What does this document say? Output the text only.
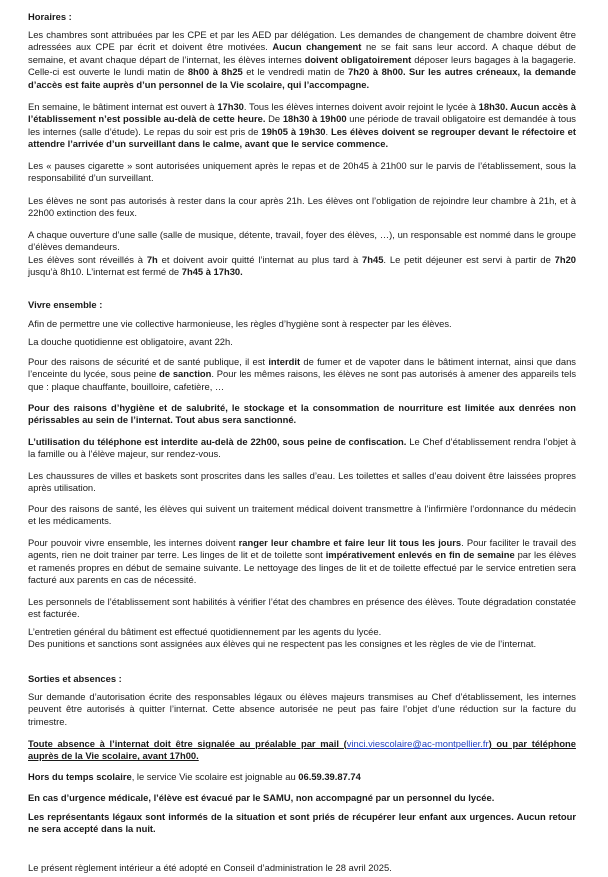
Horaires :

Les chambres sont attribuées par les CPE et par les AED par délégation. Les demandes de changement de chambre doivent être adressées aux CPE par écrit et doivent être motivées. Aucun changement ne se fait sans leur accord. A chaque début de semaine, et avant chaque départ de l’internat, les élèves internes doivent obligatoirement déposer leurs bagages à la bagagerie. Celle-ci est ouverte le lundi matin de 8h00 à 8h25 et le vendredi matin de 7h20 à 8h00. Sur les autres créneaux, la demande d’accès est faite auprès d’un personnel de la Vie scolaire, qui l’accompagne.

En semaine, le bâtiment internat est ouvert à 17h30. Tous les élèves internes doivent avoir rejoint le lycée à 18h30. Aucun accès à l’établissement n’est possible au-delà de cette heure. De 18h30 à 19h00 une période de travail obligatoire est demandée à tous les internes (salle d’étude). Le repas du soir est pris de 19h05 à 19h30. Les élèves doivent se regrouper devant le réfectoire et attendre l’arrivée d’un surveillant dans le calme, avant que le service commence.

Les « pauses cigarette » sont autorisées uniquement après le repas et de 20h45 à 21h00 sur le parvis de l’établissement, sous la responsabilité d’un surveillant.

Les élèves ne sont pas autorisés à rester dans la cour après 21h. Les élèves ont l’obligation de rejoindre leur chambre à 21h, et à 22h00 extinction des feux.

A chaque ouverture d’une salle (salle de musique, détente, travail, foyer des élèves, …), un responsable est nommé dans le groupe d’élèves demandeurs.

Les élèves sont réveillés à 7h et doivent avoir quitté l’internat au plus tard à 7h45. Le petit déjeuner est servi à partir de 7h20 jusqu’à 8h10. L’internat est fermé de 7h45 à 17h30.

Vivre ensemble :

Afin de permettre une vie collective harmonieuse, les règles d’hygiène sont à respecter par les élèves.

La douche quotidienne est obligatoire, avant 22h.

Pour des raisons de sécurité et de santé publique, il est interdit de fumer et de vapoter dans le bâtiment internat, ainsi que dans l’enceinte du lycée, sous peine de sanction. Pour les mêmes raisons, les élèves ne sont pas autorisés à amener des appareils tels que : plaque chauffante, bouilloire, cafetière, …

Pour des raisons d’hygiène et de salubrité, le stockage et la consommation de nourriture est limitée aux denrées non périssables au sein de l’internat. Tout abus sera sanctionné.

L’utilisation du téléphone est interdite au-delà de 22h00, sous peine de confiscation. Le Chef d’établissement rendra l’objet à la famille ou à l’élève majeur, sur rendez-vous.

Les chaussures de villes et baskets sont proscrites dans les salles d’eau. Les toilettes et salles d’eau doivent être laissées propres après utilisation.

Pour des raisons de santé, les élèves qui suivent un traitement médical doivent transmettre à l’infirmière l’ordonnance du médecin et les médicaments.

Pour pouvoir vivre ensemble, les internes doivent ranger leur chambre et faire leur lit tous les jours. Pour faciliter le travail des agents, rien ne doit trainer par terre. Les linges de lit et de toilette sont impérativement enlevés en fin de semaine par les élèves et ramenés propres en début de semaine suivante. Le nettoyage des linges de lit et de toilette effectué par le service entretien sera facturé aux parents en cas de nécessité.

Les personnels de l’établissement sont habilités à vérifier l’état des chambres en présence des élèves. Toute dégradation constatée est facturée.

L’entretien général du bâtiment est effectué quotidiennement par les agents du lycée.

Des punitions et sanctions sont assignées aux élèves qui ne respectent pas les consignes et les règles de vie de l’internat.

Sorties et absences :

Sur demande d’autorisation écrite des responsables légaux ou élèves majeurs transmises au Chef d’établissement, les internes peuvent être autorisés à quitter l’internat. Cette absence autorisée ne peut pas faire l’objet d’une réduction sur la facture du trimestre.

Toute absence à l’internat doit être signalée au préalable par mail (vinci.viescolaire@ac-montpellier.fr) ou par téléphone auprès de la Vie scolaire, avant 17h00.

Hors du temps scolaire, le service Vie scolaire est joignable au 06.59.39.87.74

En cas d’urgence médicale, l’élève est évacué par le SAMU, non accompagné par un personnel du lycée.

Les représentants légaux sont informés de la situation et sont priés de récupérer leur enfant aux urgences. Aucun retour ne sera accepté dans la nuit.

Le présent règlement intérieur a été adopté en Conseil d’administration le 28 avril 2025.
